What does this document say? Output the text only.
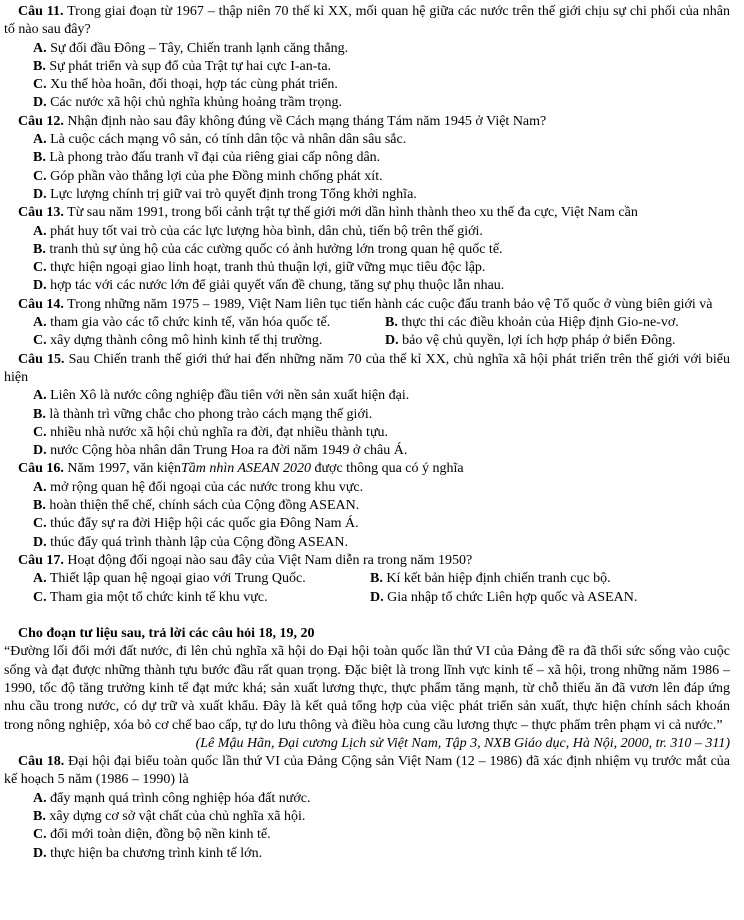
Câu 11. Trong giai đoạn từ 1967 – thập niên 70 thế kỉ XX, mối quan hệ giữa các nước trên thế giới chịu sự chi phối của nhân tố nào sau đây?

A. Sự đối đầu Đông – Tây, Chiến tranh lạnh căng thẳng.

B. Sự phát triển và sụp đổ của Trật tự hai cực I-an-ta.

C. Xu thế hòa hoãn, đối thoại, hợp tác cùng phát triển.

D. Các nước xã hội chủ nghĩa khủng hoảng trầm trọng.

Câu 12. Nhận định nào sau đây không đúng về Cách mạng tháng Tám năm 1945 ở Việt Nam?

A. Là cuộc cách mạng vô sản, có tính dân tộc và nhân dân sâu sắc.

B. Là phong trào đấu tranh vĩ đại của riêng giai cấp nông dân.

C. Góp phần vào thắng lợi của phe Đồng minh chống phát xít.

D. Lực lượng chính trị giữ vai trò quyết định trong Tổng khởi nghĩa.

Câu 13. Từ sau năm 1991, trong bối cảnh trật tự thế giới mới dần hình thành theo xu thế đa cực, Việt Nam cần

A. phát huy tốt vai trò của các lực lượng hòa bình, dân chủ, tiến bộ trên thế giới.

B. tranh thủ sự ủng hộ của các cường quốc có ảnh hưởng lớn trong quan hệ quốc tế.

C. thực hiện ngoại giao linh hoạt, tranh thủ thuận lợi, giữ vững mục tiêu độc lập.

D. hợp tác với các nước lớn để giải quyết vấn đề chung, tăng sự phụ thuộc lẫn nhau.

Câu 14. Trong những năm 1975 – 1989, Việt Nam liên tục tiến hành các cuộc đấu tranh bảo vệ Tổ quốc ở vùng biên giới và

A. tham gia vào các tổ chức kinh tế, văn hóa quốc tế.	B. thực thi các điều khoản của Hiệp định Gio-ne-vơ.
C. xây dựng thành công mô hình kinh tế thị trường.	D. bảo vệ chủ quyền, lợi ích hợp pháp ở biển Đông.

Câu 15. Sau Chiến tranh thế giới thứ hai đến những năm 70 của thế kỉ XX, chủ nghĩa xã hội phát triển trên thế giới với biểu hiện

A. Liên Xô là nước công nghiệp đầu tiên với nền sản xuất hiện đại.

B. là thành trì vững chắc cho phong trào cách mạng thế giới.

C. nhiều nhà nước xã hội chủ nghĩa ra đời, đạt nhiều thành tựu.

D. nước Cộng hòa nhân dân Trung Hoa ra đời năm 1949 ở châu Á.

Câu 16. Năm 1997, văn kiệnTầm nhìn ASEAN 2020 được thông qua có ý nghĩa

A. mở rộng quan hệ đối ngoại của các nước trong khu vực.

B. hoàn thiện thể chế, chính sách của Cộng đồng ASEAN.

C. thúc đẩy sự ra đời Hiệp hội các quốc gia Đông Nam Á.

D. thúc đẩy quá trình thành lập của Cộng đồng ASEAN.

Câu 17. Hoạt động đối ngoại nào sau đây của Việt Nam diễn ra trong năm 1950?

A. Thiết lập quan hệ ngoại giao với Trung Quốc.	B. Kí kết bản hiệp định chiến tranh cục bộ.
C. Tham gia một tổ chức kinh tế khu vực.	D. Gia nhập tổ chức Liên hợp quốc và ASEAN.

Cho đoạn tư liệu sau, trả lời các câu hỏi 18, 19, 20

“Đường lối đổi mới đất nước, đi lên chủ nghĩa xã hội do Đại hội toàn quốc lần thứ VI của Đảng đề ra đã thổi sức sống vào cuộc sống và đạt được những thành tựu bước đầu rất quan trọng. Đặc biệt là trong lĩnh vực kinh tế – xã hội, trong những năm 1986 – 1990, tốc độ tăng trưởng kinh tế đạt mức khá; sản xuất lương thực, thực phẩm tăng mạnh, từ chỗ thiếu ăn đã vươn lên đáp ứng nhu cầu trong nước, có dự trữ và xuất khẩu. Đây là kết quả tổng hợp của việc phát triển sản xuất, thực hiện chính sách khoán trong nông nghiệp, xóa bỏ cơ chế bao cấp, tự do lưu thông và điều hòa cung cầu lương thực – thực phẩm trên phạm vi cả nước.”

(Lê Mậu Hãn, Đại cương Lịch sử Việt Nam, Tập 3, NXB Giáo dục, Hà Nội, 2000, tr. 310 – 311)

Câu 18. Đại hội đại biểu toàn quốc lần thứ VI của Đảng Cộng sản Việt Nam (12 – 1986) đã xác định nhiệm vụ trước mắt của kế hoạch 5 năm (1986 – 1990) là

A. đẩy mạnh quá trình công nghiệp hóa đất nước.

B. xây dựng cơ sở vật chất của chủ nghĩa xã hội.

C. đổi mới toàn diện, đồng bộ nền kinh tế.

D. thực hiện ba chương trình kinh tế lớn.
